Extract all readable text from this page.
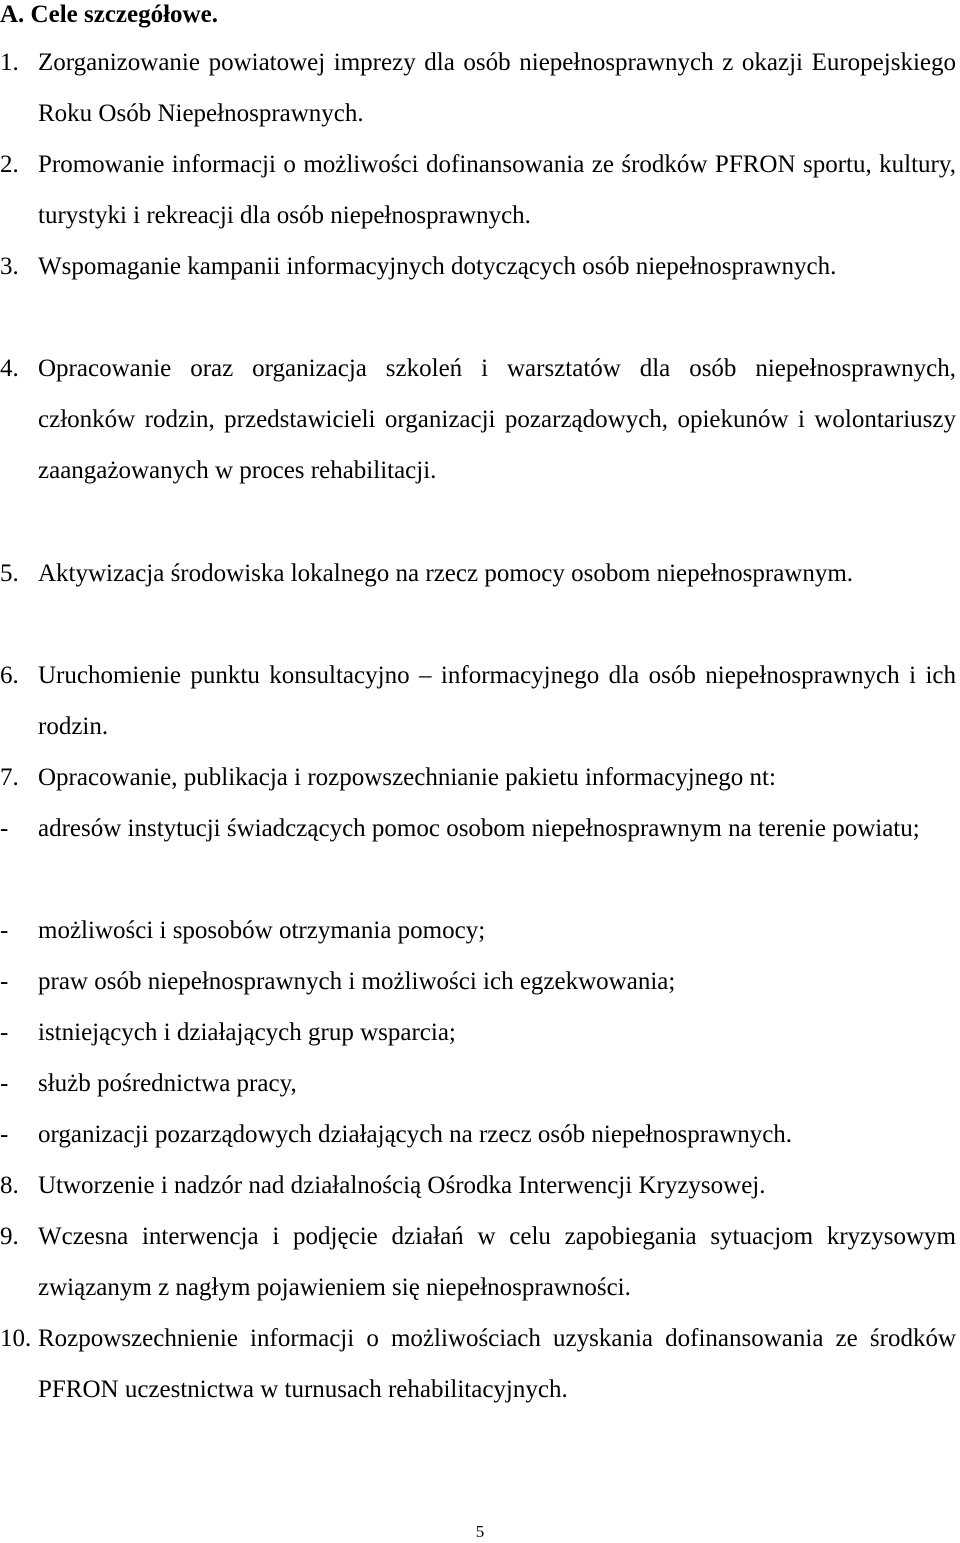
A. Cele szczegółowe.
1. Zorganizowanie powiatowej imprezy dla osób niepełnosprawnych z okazji Europejskiego Roku Osób Niepełnosprawnych.
2. Promowanie informacji o możliwości dofinansowania ze środków PFRON sportu, kultury, turystyki i rekreacji dla osób niepełnosprawnych.
3. Wspomaganie kampanii informacyjnych dotyczących osób niepełnosprawnych.
4. Opracowanie oraz organizacja szkoleń i warsztatów dla osób niepełnosprawnych, członków rodzin, przedstawicieli organizacji pozarządowych, opiekunów i wolontariuszy zaangażowanych w proces rehabilitacji.
5. Aktywizacja środowiska lokalnego na rzecz pomocy osobom niepełnosprawnym.
6. Uruchomienie punktu konsultacyjno – informacyjnego dla osób niepełnosprawnych i ich rodzin.
7. Opracowanie, publikacja i rozpowszechnianie pakietu informacyjnego nt:
- adresów instytucji świadczących pomoc osobom niepełnosprawnym na terenie powiatu;
- możliwości i sposobów otrzymania pomocy;
- praw osób niepełnosprawnych i możliwości ich egzekwowania;
- istniejących i działających grup wsparcia;
- służb pośrednictwa pracy,
- organizacji pozarządowych działających na rzecz osób niepełnosprawnych.
8. Utworzenie i nadzór nad działalnością Ośrodka Interwencji Kryzysowej.
9. Wczesna interwencja i podjęcie działań w celu zapobiegania sytuacjom kryzysowym związanym z nagłym pojawieniem się niepełnosprawności.
10. Rozpowszechnienie informacji o możliwościach uzyskania dofinansowania ze środków PFRON uczestnictwa w turnusach rehabilitacyjnych.
5
